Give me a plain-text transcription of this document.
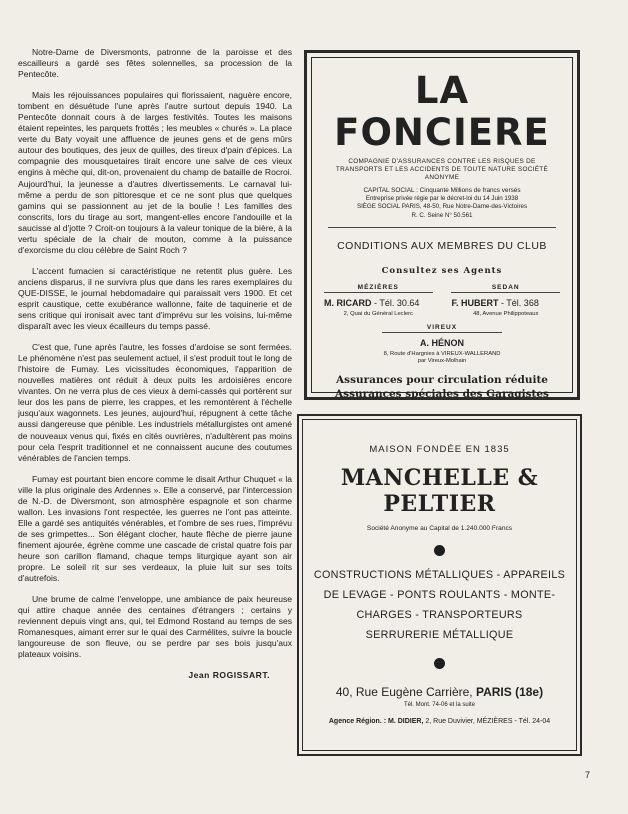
Notre-Dame de Diversmonts, patronne de la paroisse et des escailleurs a gardé ses fêtes solennelles, sa procession de la Pentecôte.

Mais les réjouissances populaires qui florissaient, naguère encore, tombent en désuétude l'une après l'autre surtout depuis 1940. La Pentecôte donnait cours à de larges festivités. Toutes les maisons étaient repeintes, les parquets frottés ; les meubles « churés ». La place verte du Baty voyait une affluence de jeunes gens et de gens mûrs autour des boutiques, des jeux de quilles, des tireux d'pain d'épices. La compagnie des mousquetaires tirait encore une salve de ces vieux engins à mèche qui, dit-on, provenaient du champ de bataille de Rocroi. Aujourd'hui, la jeunesse a d'autres divertissements. Le carnaval lui-même a perdu de son pittoresque et ce ne sont plus que quelques gamins qui se passionnent au jet de la boulie ! Les familles des conscrits, lors du tirage au sort, mangent-elles encore l'andouille et la saucisse al d'jotte ? Croit-on toujours à la valeur tonique de la bière, à la vertu spéciale de la chair de mouton, comme à la puissance d'exorcisme du clou célèbre de Saint Roch ?

L'accent fumacien si caractéristique ne retentit plus guère. Les anciens disparus, il ne survivra plus que dans les rares exemplaires du QUE-DISSE, le journal hebdomadaire qui paraissait vers 1900. Et cet esprit caustique, cette exubérance wallonne, faite de taquinerie et de sens critique qui ironisait avec tant d'imprévu sur les voisins, lui-même disparaît avec les vieux écailleurs du temps passé.

C'est que, l'une après l'autre, les fosses d'ardoise se sont fermées. Le phénomène n'est pas seulement actuel, il s'est produit tout le long de l'histoire de Fumay. Les vicissitudes économiques, l'apparition de nouvelles matières ont réduit à deux puits les ardoisières encore vivantes. On ne verra plus de ces vieux à demi-cassés qui portèrent sur leur dos les pans de pierre, les crappes, et les remontèrent à l'échelle jusqu'aux wagonnets. Les jeunes, aujourd'hui, répugnent à cette tâche aussi dangereuse que pénible. Les industriels métallurgistes ont amené de nouveaux venus qui, fixés en cités ouvrières, n'adultèrent pas moins pour cela l'esprit traditionnel et ne connaissent aucune des coutumes vénérables de l'ancien temps.

Fumay est pourtant bien encore comme le disait Arthur Chuquet « la ville la plus originale des Ardennes ». Elle a conservé, par l'intercession de N.-D. de Diversmont, son atmosphère espagnole et son charme wallon. Les invasions l'ont respectée, les guerres ne l'ont pas atteinte. Elle a gardé ses antiquités vénérables, et l'ombre de ses rues, l'imprévu de ses grimpettes... Son élégant clocher, haute flèche de pierre jaune finement ajourée, égrène comme une cascade de cristal quatre fois par heure son carillon flamand, chaque temps liturgique ayant son air propre. Le soleil rit sur ses verdeaux, la pluie luit sur ses toits d'autrefois.

Une brume de calme l'enveloppe, une ambiance de paix heureuse qui attire chaque année des centaines d'étrangers ; certains y reviennent depuis vingt ans, qui, tel Edmond Rostand au temps de ses Romanesques, aimant errer sur le quai des Carmélites, suivre la boucle langoureuse de son fleuve, ou se perdre par ses bois jusqu'aux plateaux voisins.

Jean ROGISSART.

LA FONCIERE
COMPAGNIE D'ASSURANCES CONTRE LES RISQUES DE TRANSPORTS ET LES ACCIDENTS DE TOUTE NATURE SOCIÉTÉ ANONYME
CAPITAL SOCIAL : Cinquante Millions de francs versés
Entreprise privée régie par le décret-loi du 14 Juin 1938
SIÈGE SOCIAL PARIS, 48-50, Rue Notre-Dame-des-Victoires
R. C. Seine N° 50.561
CONDITIONS AUX MEMBRES DU CLUB
Consultez ses Agents
MÉZIÈRES
M. RICARD - Tél. 30.64
2, Quai du Général Leclerc
SEDAN
F. HUBERT - Tél. 368
48, Avenue Philippoteaux
VIREUX
A. HÉNON
8, Route d'Hargnies à VIREUX-WALLERAND
par Vireux-Molhain
Assurances pour circulation réduite
Assurances spéciales des Garagistes
MAISON FONDÉE EN 1835
MANCHELLE & PELTIER
Société Anonyme au Capital de 1.240.000 Francs
CONSTRUCTIONS MÉTALLIQUES - APPAREILS
DE LEVAGE - PONTS ROULANTS - MONTE-
CHARGES - TRANSPORTEURS
SERRURERIE MÉTALLIQUE
40, Rue Eugène Carrière, PARIS (18e)
Tél. Mont. 74-06 et la suite
Agence Région. : M. DIDIER, 2, Rue Duvivier, MÉZIÈRES - Tél. 24-04
7
